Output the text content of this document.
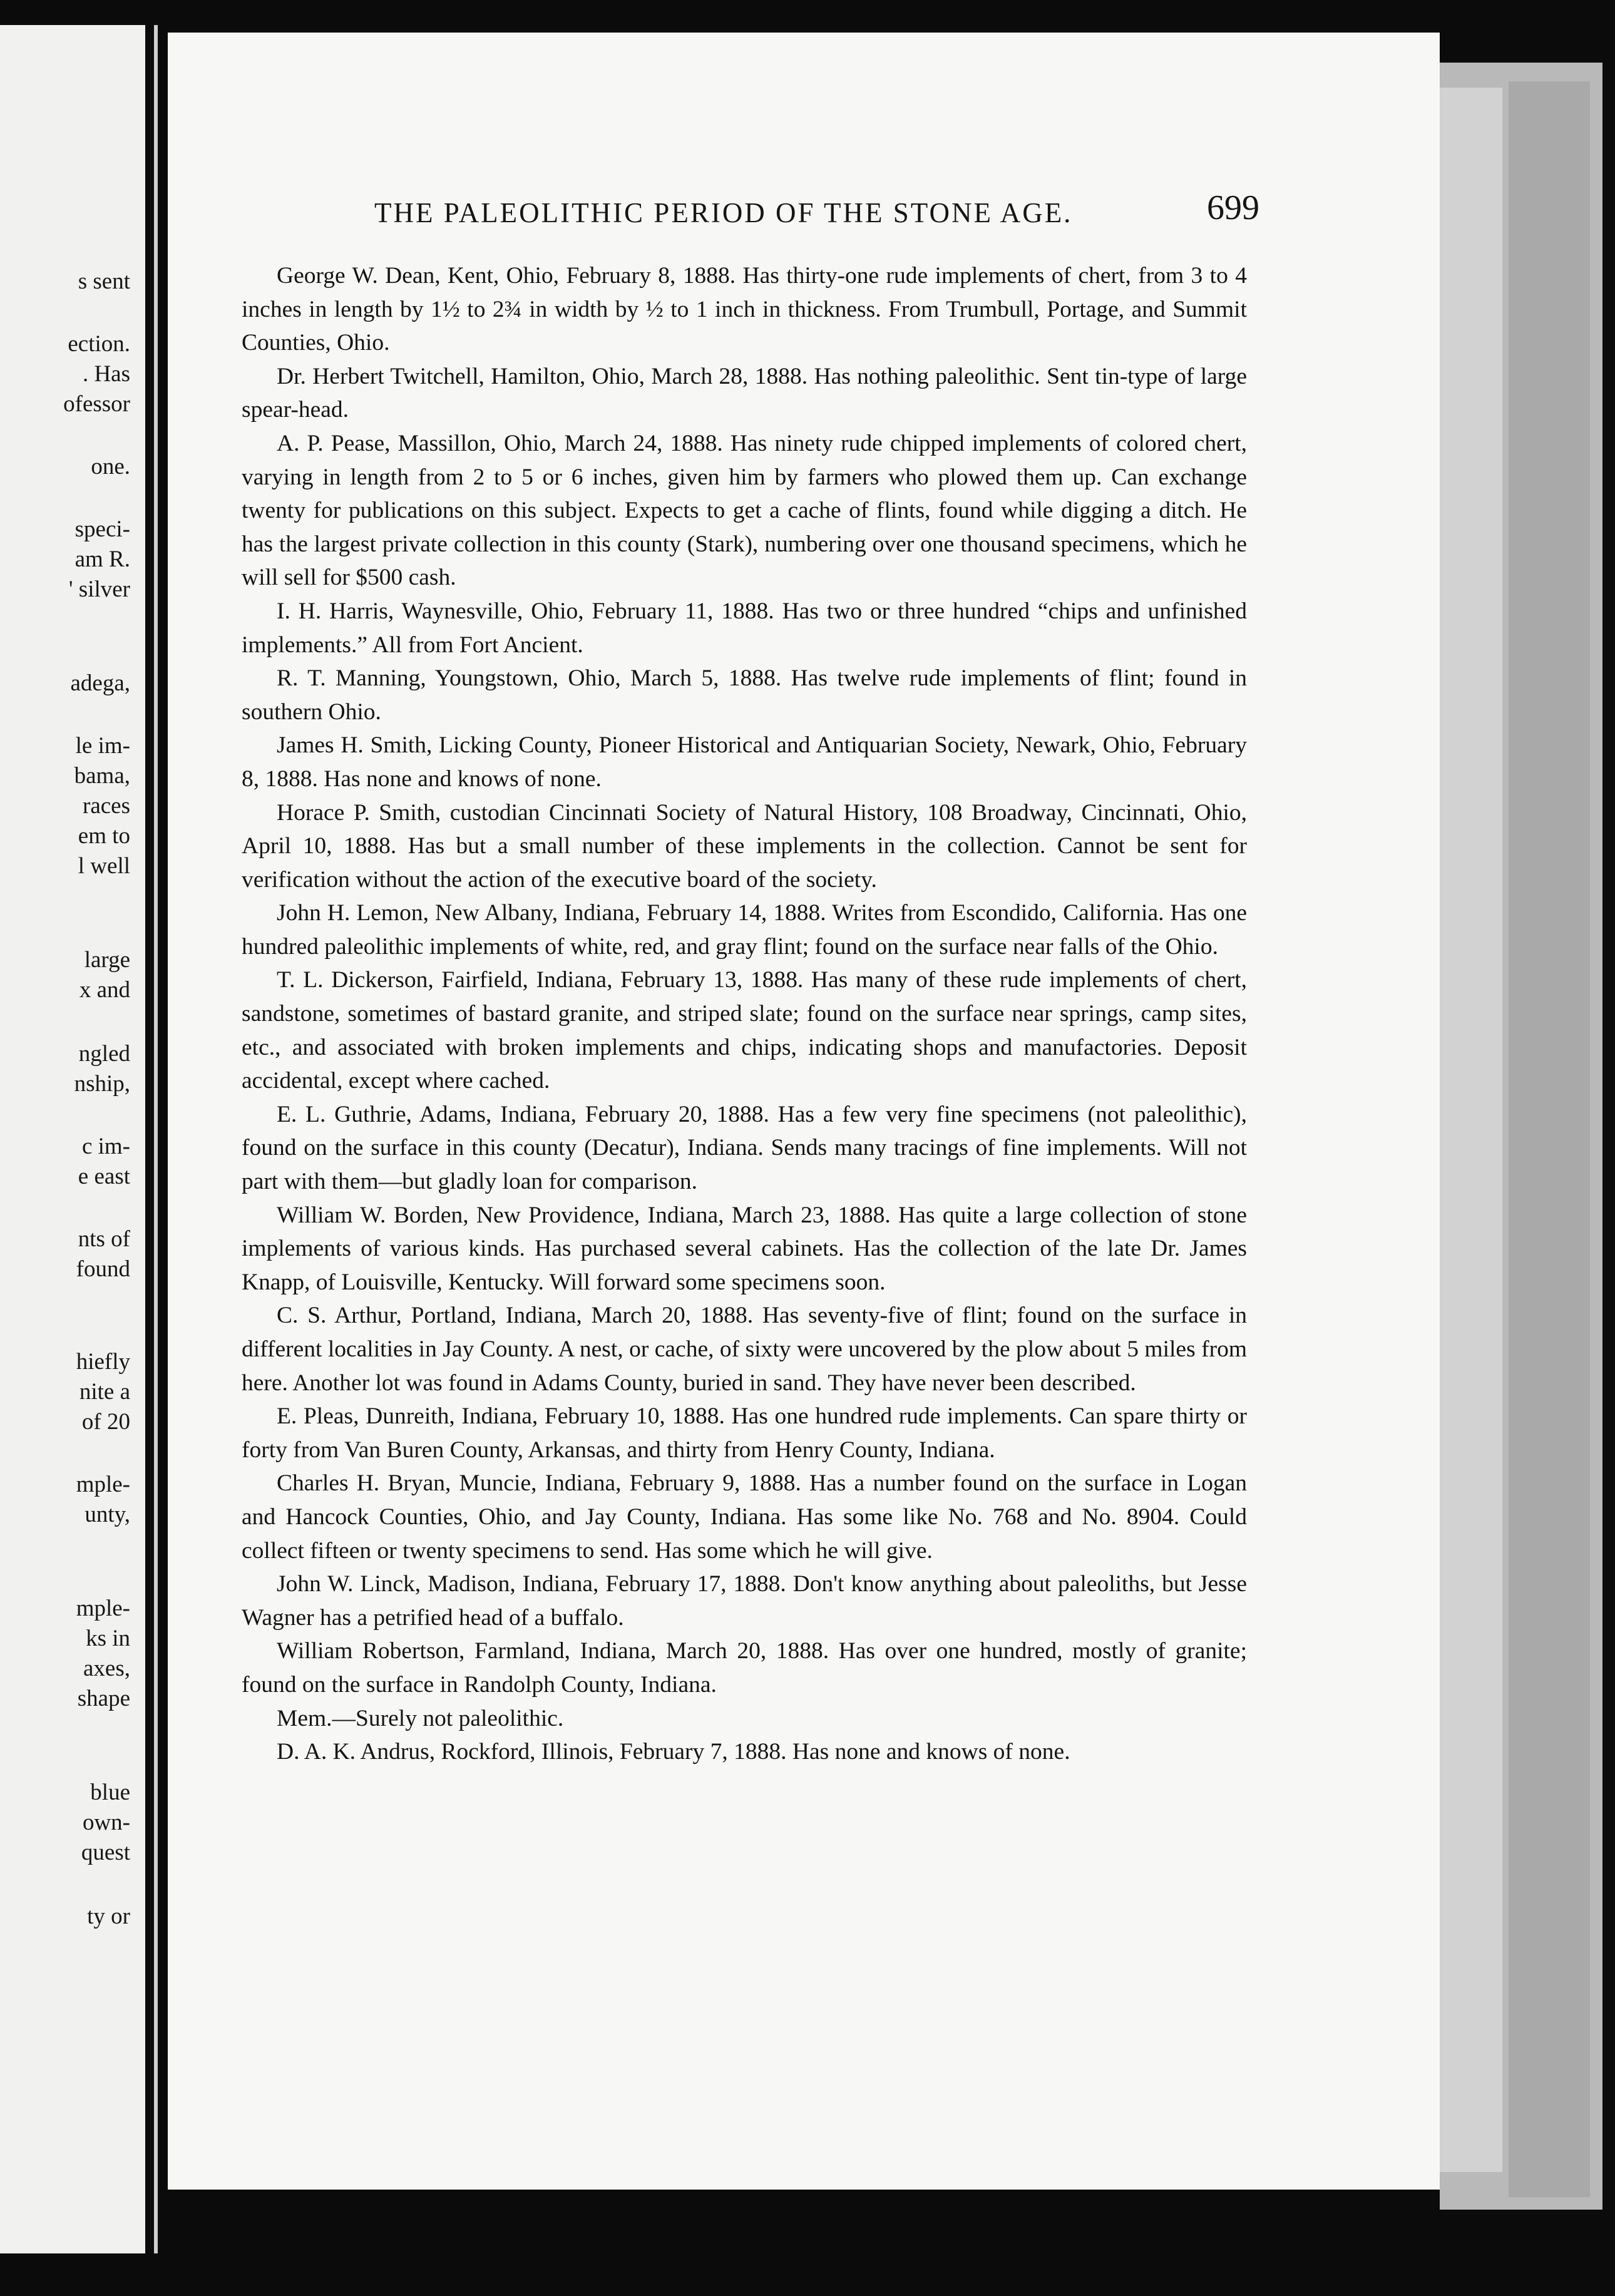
s sent
ection.
. Has
ofessor
one.
speci-
am R.
' silver
adega,
le im-
bama,
races
em to
l well
large
x and
ngled
nship,
c im-
e east
nts of
found
hiefly
nite a
of 20
mple-
unty,
mple-
ks in
axes,
shape
blue
own-
quest
ty or
THE PALEOLITHIC PERIOD OF THE STONE AGE.	699

George W. Dean, Kent, Ohio, February 8, 1888. Has thirty-one rude implements of chert, from 3 to 4 inches in length by 1½ to 2¾ in width by ½ to 1 inch in thickness. From Trumbull, Portage, and Summit Counties, Ohio.

Dr. Herbert Twitchell, Hamilton, Ohio, March 28, 1888. Has nothing paleolithic. Sent tin-type of large spear-head.

A. P. Pease, Massillon, Ohio, March 24, 1888. Has ninety rude chipped implements of colored chert, varying in length from 2 to 5 or 6 inches, given him by farmers who plowed them up. Can exchange twenty for publications on this subject. Expects to get a cache of flints, found while digging a ditch. He has the largest private collection in this county (Stark), numbering over one thousand specimens, which he will sell for $500 cash.

I. H. Harris, Waynesville, Ohio, February 11, 1888. Has two or three hundred “chips and unfinished implements.” All from Fort Ancient.

R. T. Manning, Youngstown, Ohio, March 5, 1888. Has twelve rude implements of flint; found in southern Ohio.

James H. Smith, Licking County, Pioneer Historical and Antiquarian Society, Newark, Ohio, February 8, 1888. Has none and knows of none.

Horace P. Smith, custodian Cincinnati Society of Natural History, 108 Broadway, Cincinnati, Ohio, April 10, 1888. Has but a small number of these implements in the collection. Cannot be sent for verification without the action of the executive board of the society.

John H. Lemon, New Albany, Indiana, February 14, 1888. Writes from Escondido, California. Has one hundred paleolithic implements of white, red, and gray flint; found on the surface near falls of the Ohio.

T. L. Dickerson, Fairfield, Indiana, February 13, 1888. Has many of these rude implements of chert, sandstone, sometimes of bastard granite, and striped slate; found on the surface near springs, camp sites, etc., and associated with broken implements and chips, indicating shops and manufactories. Deposit accidental, except where cached.

E. L. Guthrie, Adams, Indiana, February 20, 1888. Has a few very fine specimens (not paleolithic), found on the surface in this county (Decatur), Indiana. Sends many tracings of fine implements. Will not part with them—but gladly loan for comparison.

William W. Borden, New Providence, Indiana, March 23, 1888. Has quite a large collection of stone implements of various kinds. Has purchased several cabinets. Has the collection of the late Dr. James Knapp, of Louisville, Kentucky. Will forward some specimens soon.

C. S. Arthur, Portland, Indiana, March 20, 1888. Has seventy-five of flint; found on the surface in different localities in Jay County. A nest, or cache, of sixty were uncovered by the plow about 5 miles from here. Another lot was found in Adams County, buried in sand. They have never been described.

E. Pleas, Dunreith, Indiana, February 10, 1888. Has one hundred rude implements. Can spare thirty or forty from Van Buren County, Arkansas, and thirty from Henry County, Indiana.

Charles H. Bryan, Muncie, Indiana, February 9, 1888. Has a number found on the surface in Logan and Hancock Counties, Ohio, and Jay County, Indiana. Has some like No. 768 and No. 8904. Could collect fifteen or twenty specimens to send. Has some which he will give.

John W. Linck, Madison, Indiana, February 17, 1888. Don't know anything about paleoliths, but Jesse Wagner has a petrified head of a buffalo.

William Robertson, Farmland, Indiana, March 20, 1888. Has over one hundred, mostly of granite; found on the surface in Randolph County, Indiana.

Mem.—Surely not paleolithic.

D. A. K. Andrus, Rockford, Illinois, February 7, 1888. Has none and knows of none.
